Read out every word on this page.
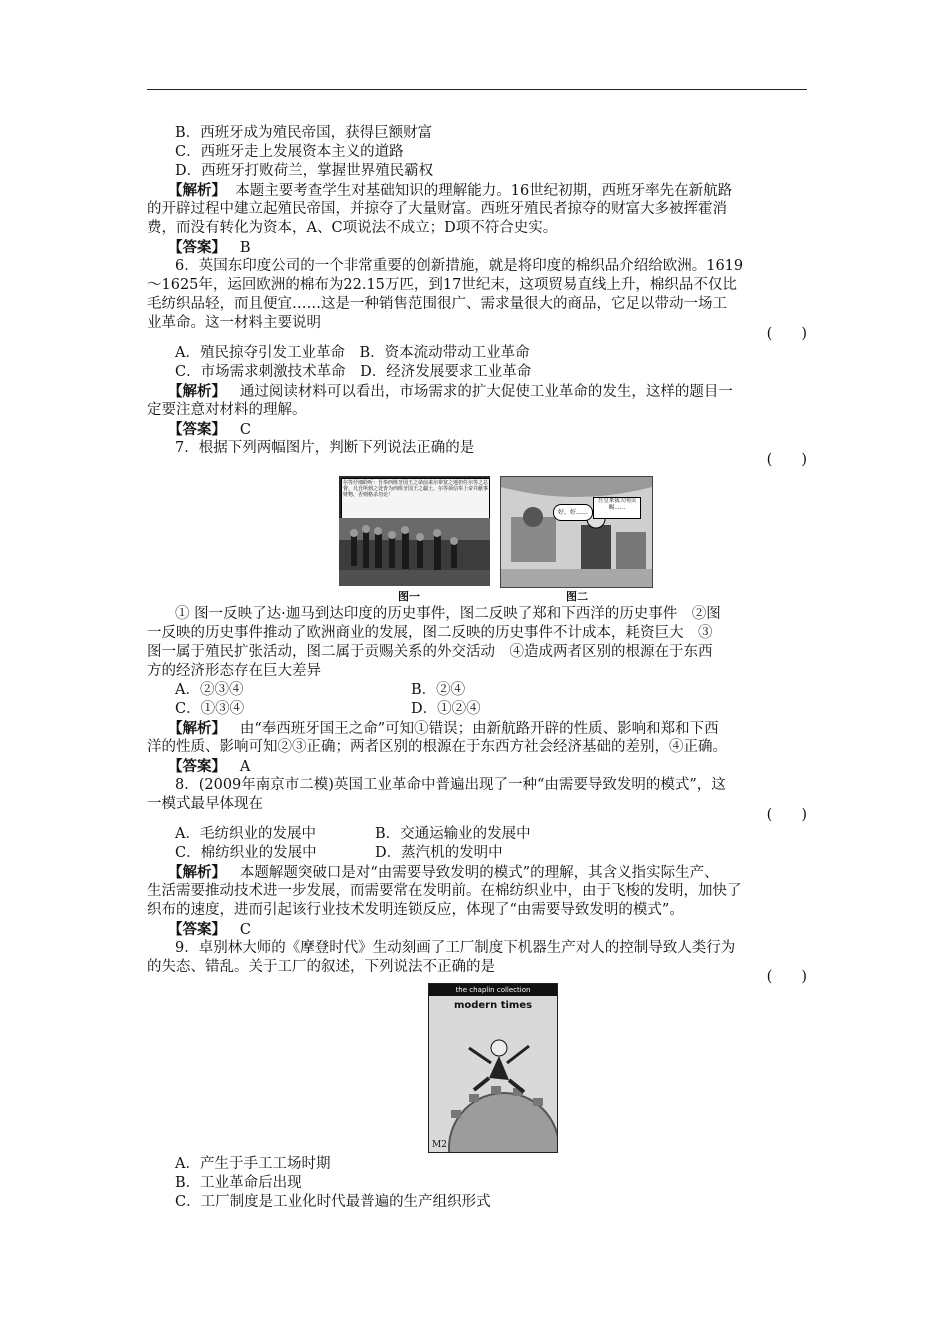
B．西班牙成为殖民帝国，获得巨额财富
C．西班牙走上发展资本主义的道路
D．西班牙打败荷兰，掌握世界殖民霸权
【解析】 本题主要考查学生对基础知识的理解能力。16世纪初期，西班牙率先在新航路
的开辟过程中建立起殖民帝国，并掠夺了大量财富。西班牙殖民者掠夺的财富大多被挥霍消
费，而没有转化为资本，A、C项说法不成立；D项不符合史实。
【答案】 B
6．英国东印度公司的一个非常重要的创新措施，就是将印度的棉织品介绍给欧洲。1619
～1625年，运回欧洲的棉布为22.15万匹，到17世纪末，这项贸易直线上升，棉织品不仅比
毛纺织品轻，而且便宜……这是一种销售范围很广、需求量很大的商品，它足以带动一场工
业革命。这一材料主要说明
(　　)
A．殖民掠夺引发工业革命　B．资本流动带动工业革命
C．市场需求刺激技术革命　D．经济发展要求工业革命
【解析】 通过阅读材料可以看出，市场需求的扩大促使工业革命的发生，这样的题目一
定要注意对材料的理解。
【答案】 C
7．根据下列两幅图片，判断下列说法正确的是
(　　)
尔等仔细聆听：吾奉西班牙国王之命前来尔辈宽之地担任尔等之总督。凡吾所到之处皆为西班牙国王之疆土，尔等须信奉上帝并献事财物，否则格杀勿论！
图一
好，好……
吾皇来我大明贡赐……
图二
① 图一反映了达·迦马到达印度的历史事件，图二反映了郑和下西洋的历史事件　②图
一反映的历史事件推动了欧洲商业的发展，图二反映的历史事件不计成本，耗资巨大　③
图一属于殖民扩张活动，图二属于贡赐关系的外交活动　④造成两者区别的根源在于东西
方的经济形态存在巨大差异
A．②③④	B．②④
C．①③④	D．①②④
【解析】 由“奉西班牙国王之命”可知①错误；由新航路开辟的性质、影响和郑和下西
洋的性质、影响可知②③正确；两者区别的根源在于东西方社会经济基础的差别，④正确。
【答案】 A
8．(2009年南京市二模)英国工业革命中普遍出现了一种“由需要导致发明的模式”，这
一模式最早体现在
(　　)
A．毛纺织业的发展中	B．交通运输业的发展中
C．棉纺织业的发展中	D．蒸汽机的发明中
【解析】 本题解题突破口是对“由需要导致发明的模式”的理解，其含义指实际生产、
生活需要推动技术进一步发展，而需要常在发明前。在棉纺织业中，由于飞梭的发明，加快了
织布的速度，进而引起该行业技术发明连锁反应，体现了“由需要导致发明的模式”。
【答案】 C
9．卓别林大师的《摩登时代》生动刻画了工厂制度下机器生产对人的控制导致人类行为
的失态、错乱。关于工厂的叙述，下列说法不正确的是
(　　)
the chaplin collection
modern times
M2
A．产生于手工工场时期
B．工业革命后出现
C．工厂制度是工业化时代最普遍的生产组织形式
